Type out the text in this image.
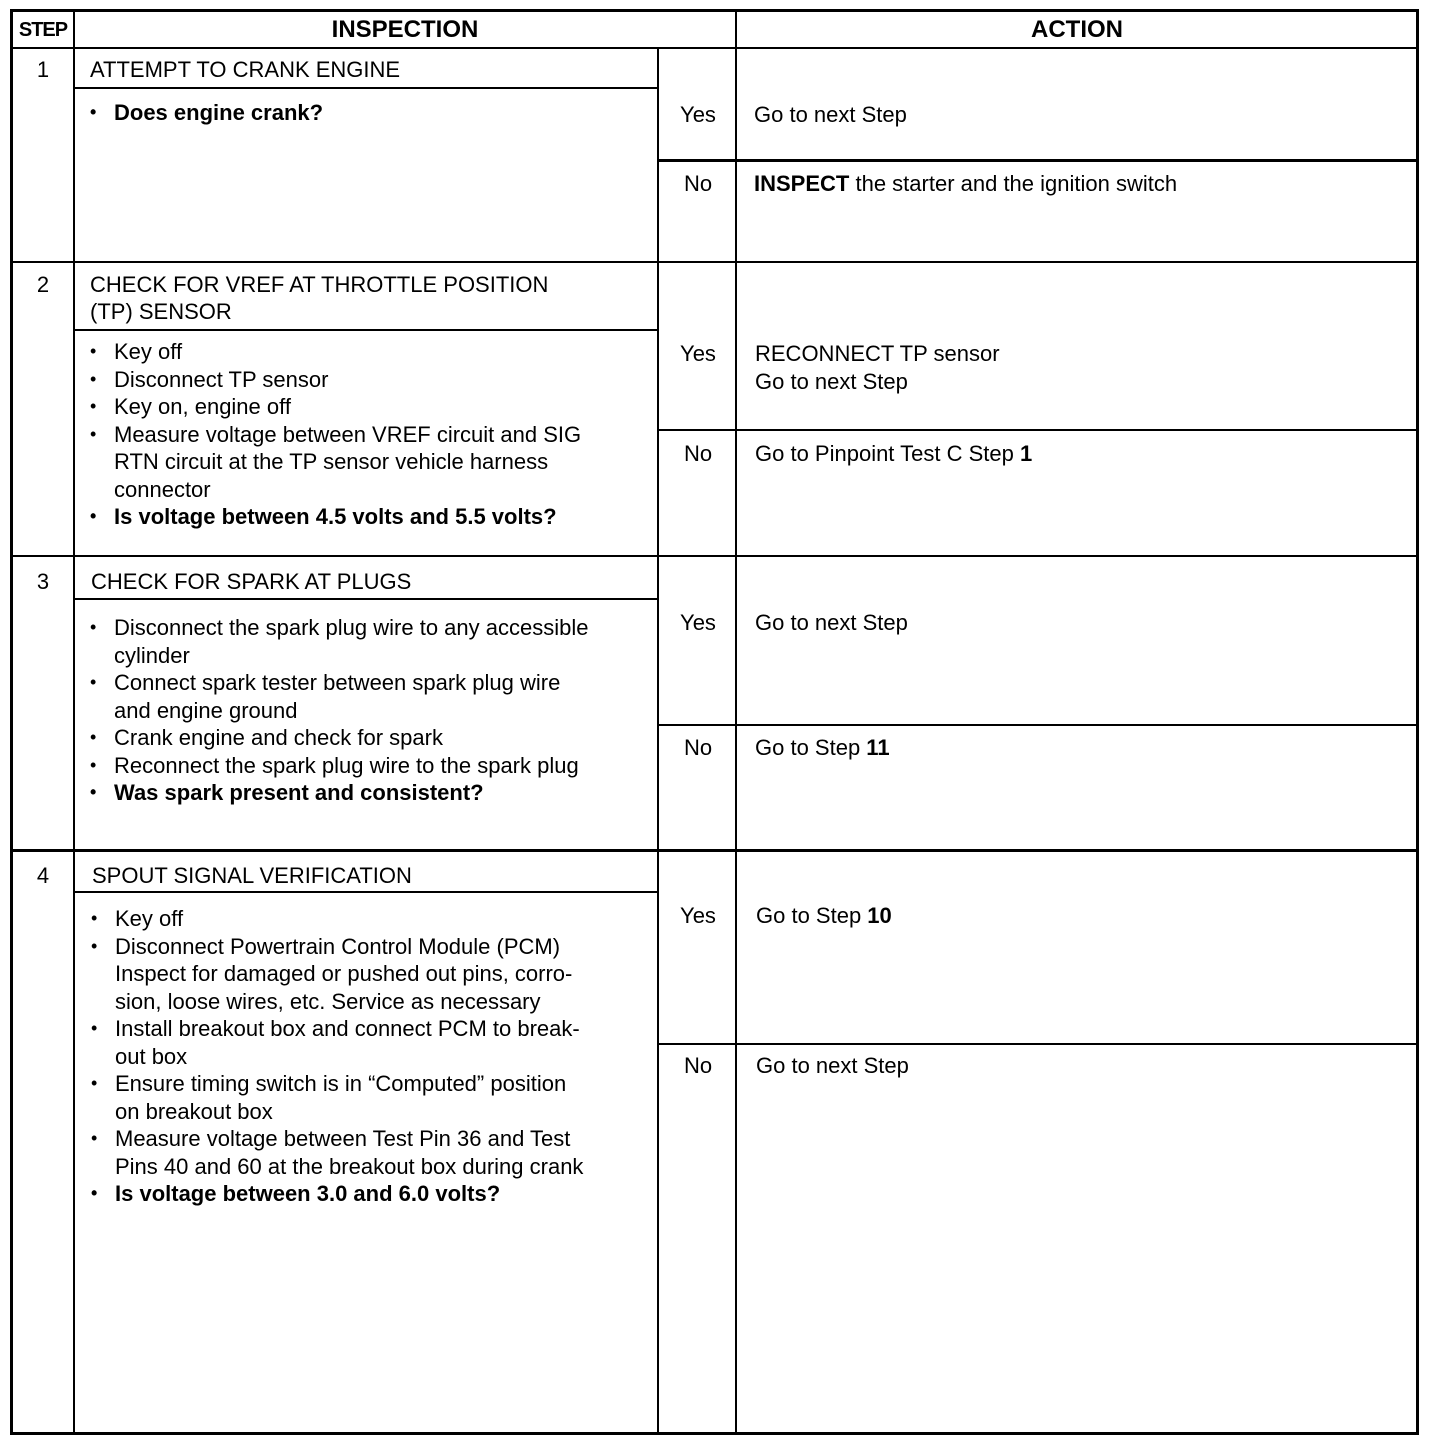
STEP	INSPECTION	ACTION
1	ATTEMPT TO CRANK ENGINE
• Does engine crank?	Yes	Go to next Step
No	INSPECT the starter and the ignition switch
2	CHECK FOR VREF AT THROTTLE POSITION
(TP) SENSOR
• Key off
• Disconnect TP sensor
• Key on, engine off
• Measure voltage between VREF circuit and SIG
RTN circuit at the TP sensor vehicle harness
connector
• Is voltage between 4.5 volts and 5.5 volts?
Yes	RECONNECT TP sensor
Go to next Step
No	Go to Pinpoint Test C Step 1
3	CHECK FOR SPARK AT PLUGS
• Disconnect the spark plug wire to any accessible
cylinder
• Connect spark tester between spark plug wire
and engine ground
• Crank engine and check for spark
• Reconnect the spark plug wire to the spark plug
• Was spark present and consistent?
Yes	Go to next Step
No	Go to Step 11
4	SPOUT SIGNAL VERIFICATION
• Key off
• Disconnect Powertrain Control Module (PCM)
Inspect for damaged or pushed out pins, corro-
sion, loose wires, etc. Service as necessary
• Install breakout box and connect PCM to break-
out box
• Ensure timing switch is in “Computed” position
on breakout box
• Measure voltage between Test Pin 36 and Test
Pins 40 and 60 at the breakout box during crank
• Is voltage between 3.0 and 6.0 volts?
Yes	Go to Step 10
No	Go to next Step
